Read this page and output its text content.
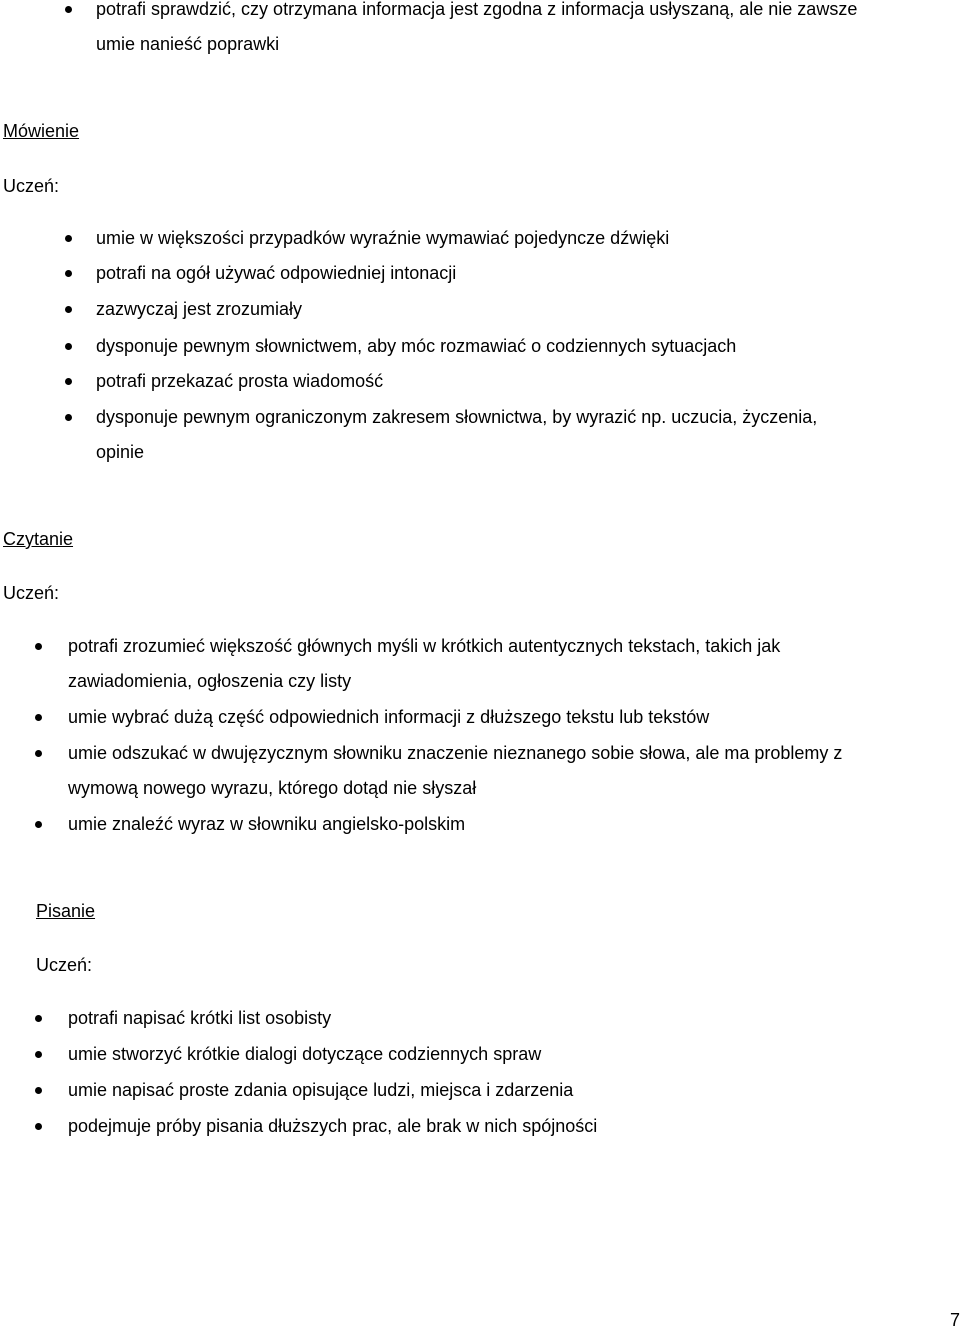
potrafi sprawdzić, czy otrzymana informacja jest zgodna z informacja usłyszaną, ale nie zawsze
umie nanieść poprawki
Mówienie
Uczeń:
umie w większości przypadków wyraźnie wymawiać pojedyncze dźwięki
potrafi na ogół używać odpowiedniej intonacji
zazwyczaj jest zrozumiały
dysponuje pewnym słownictwem, aby móc rozmawiać o codziennych sytuacjach
potrafi przekazać prosta wiadomość
dysponuje pewnym ograniczonym zakresem słownictwa, by wyrazić np. uczucia, życzenia,
opinie
Czytanie
Uczeń:
potrafi zrozumieć większość głównych myśli w krótkich autentycznych tekstach, takich jak
zawiadomienia, ogłoszenia czy listy
umie wybrać dużą część odpowiednich informacji z dłuższego tekstu lub tekstów
umie odszukać w dwujęzycznym słowniku znaczenie nieznanego sobie słowa, ale ma problemy z
wymową nowego wyrazu, którego dotąd nie słyszał
umie znaleźć wyraz w słowniku angielsko-polskim
Pisanie
Uczeń:
potrafi napisać krótki list osobisty
umie stworzyć krótkie dialogi dotyczące codziennych spraw
umie napisać proste zdania opisujące ludzi, miejsca i zdarzenia
podejmuje próby pisania dłuższych prac, ale brak w nich spójności
7
